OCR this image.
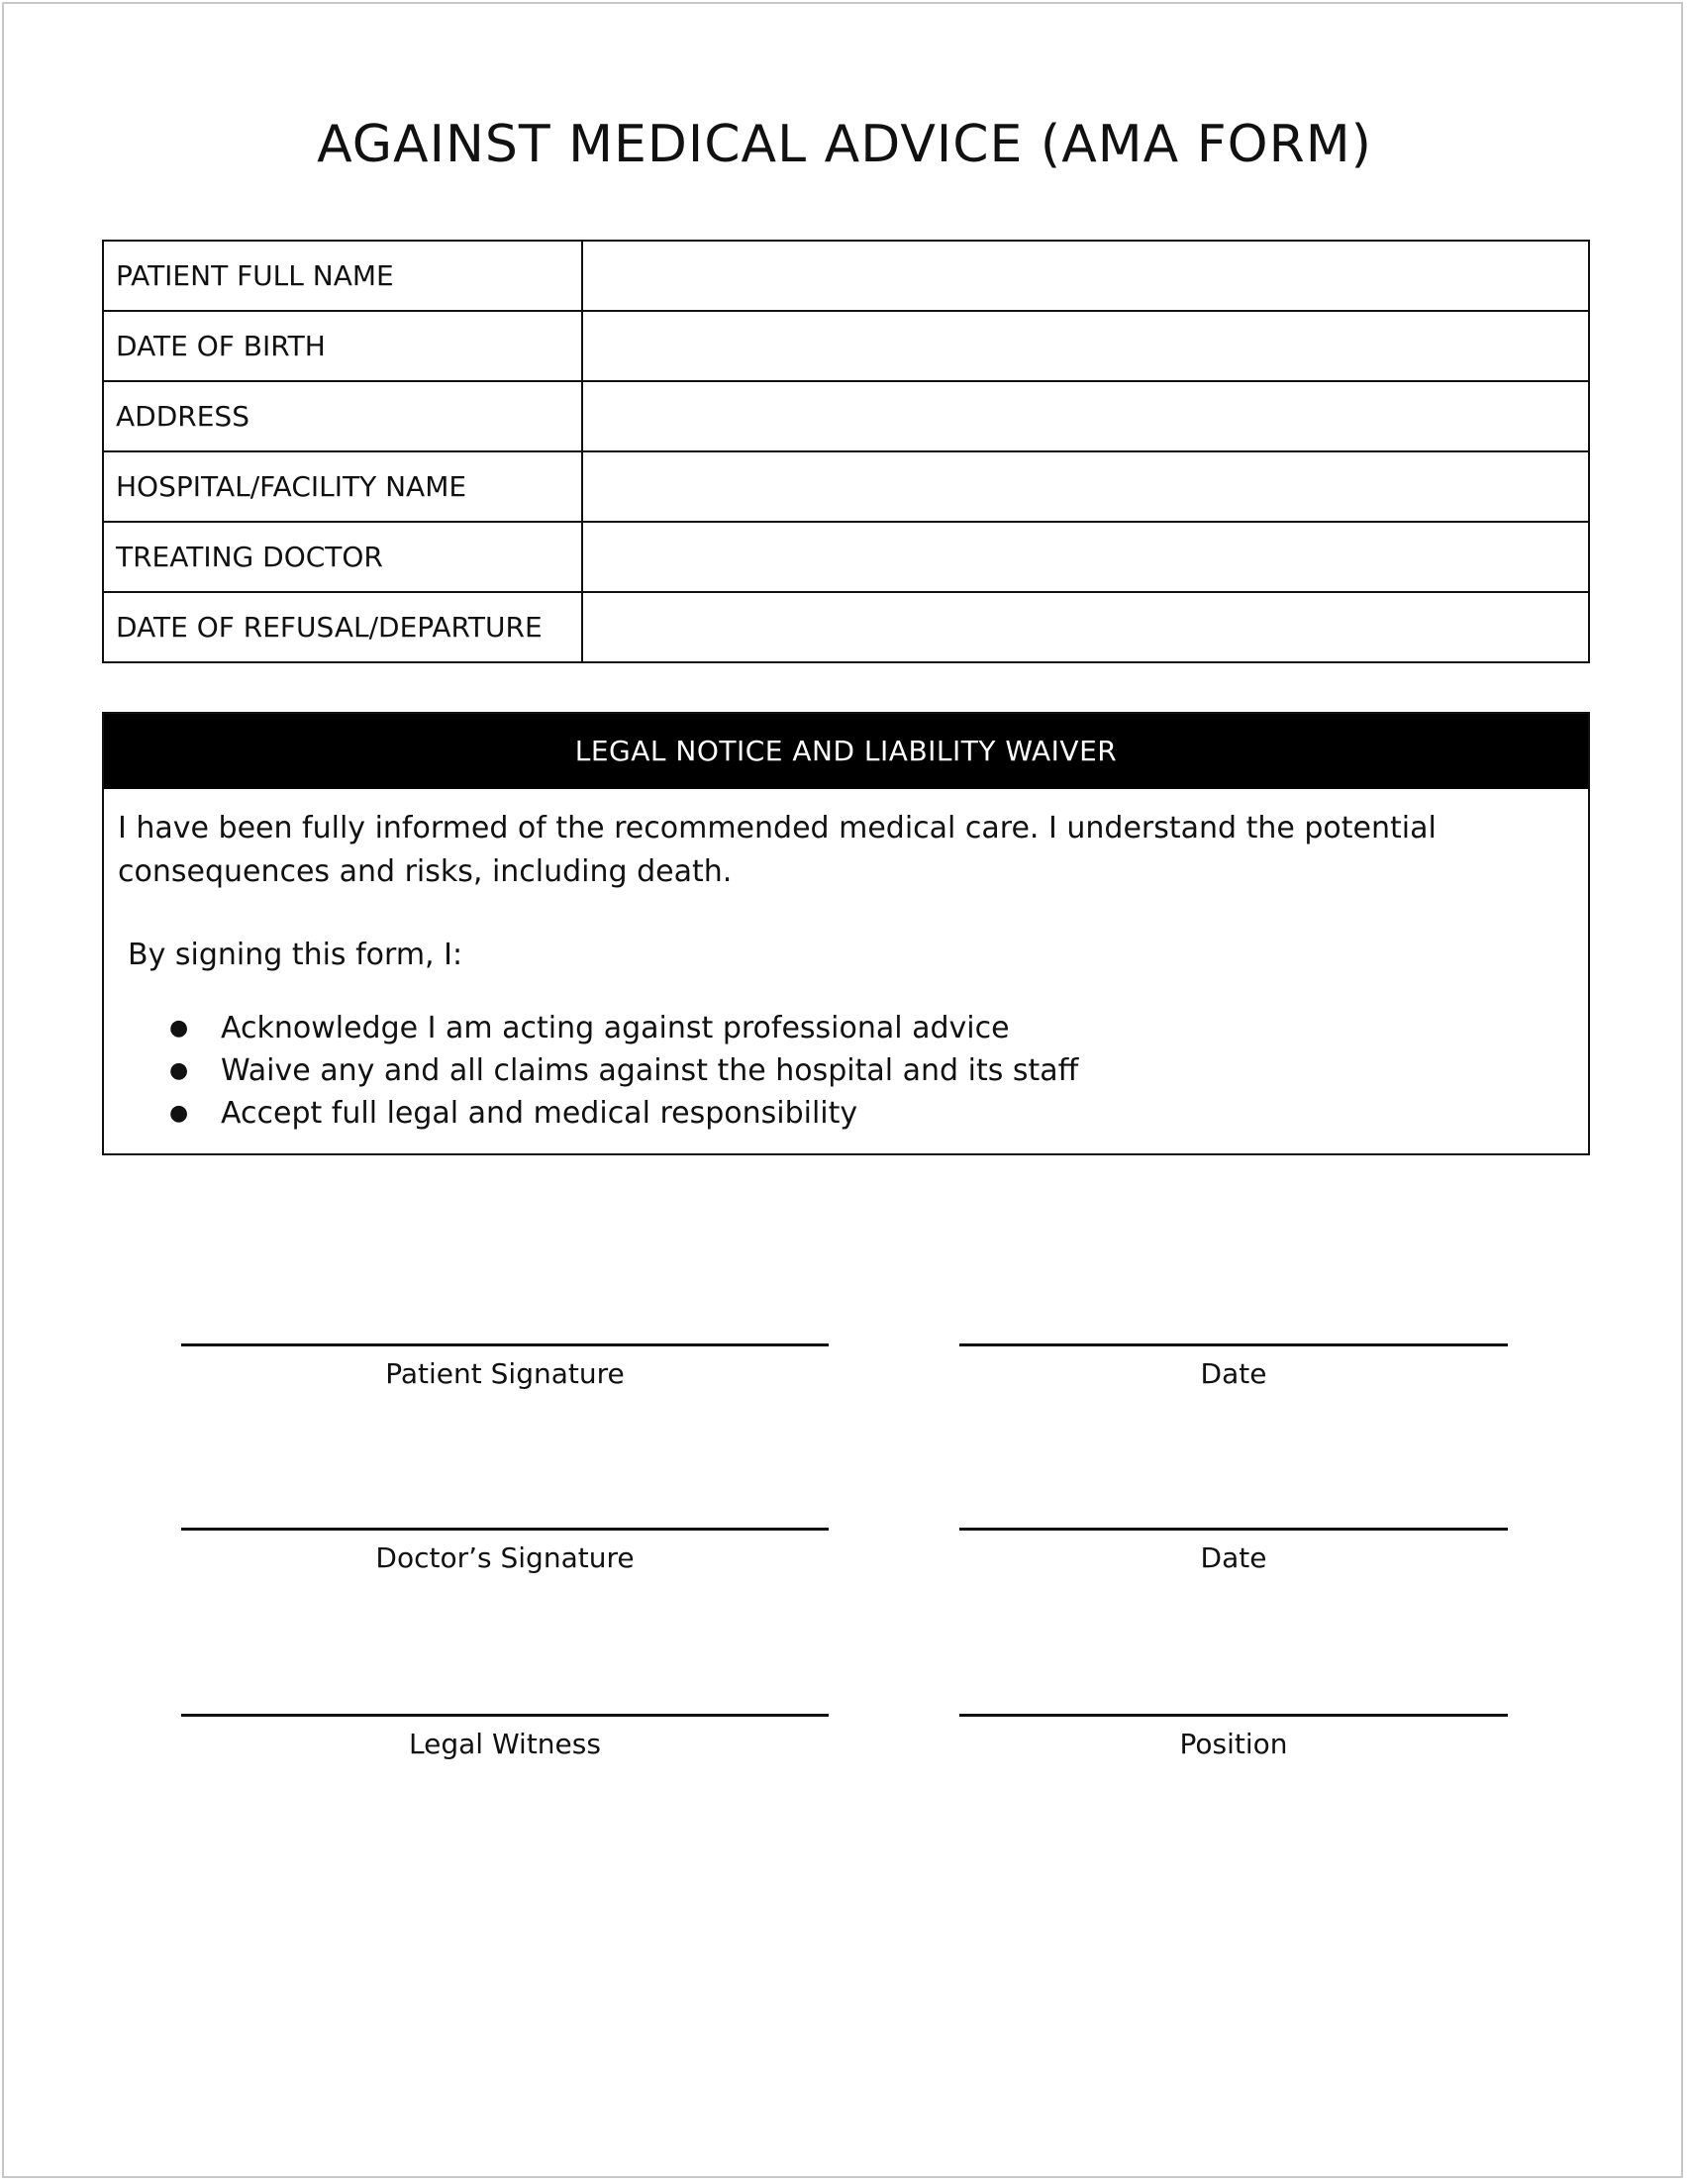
AGAINST MEDICAL ADVICE (AMA FORM)
PATIENT FULL NAME	
DATE OF BIRTH	
ADDRESS	
HOSPITAL/FACILITY NAME	
TREATING DOCTOR	
DATE OF REFUSAL/DEPARTURE	
LEGAL NOTICE AND LIABILITY WAIVER

I have been fully informed of the recommended medical care. I understand the potential consequences and risks, including death.

By signing this form, I:

● Acknowledge I am acting against professional advice
● Waive any and all claims against the hospital and its staff
● Accept full legal and medical responsibility
Patient Signature	Date
Doctor’s Signature	Date
Legal Witness	Position
